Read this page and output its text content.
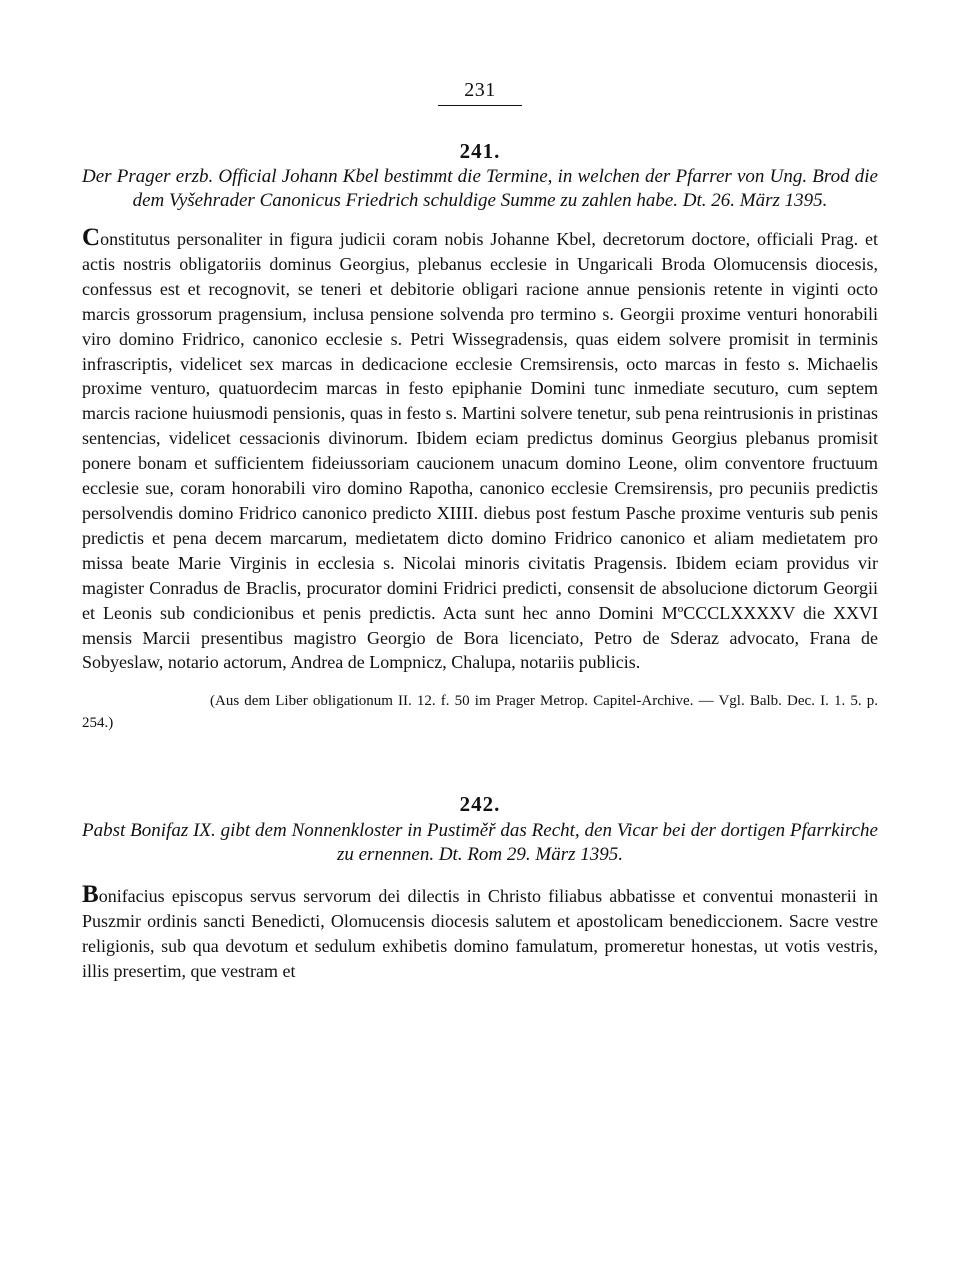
231
241.
Der Prager erzb. Official Johann Kbel bestimmt die Termine, in welchen der Pfarrer von Ung. Brod die dem Vyšehrader Canonicus Friedrich schuldige Summe zu zahlen habe. Dt. 26. März 1395.

Constitutus personaliter in figura judicii coram nobis Johanne Kbel, decretorum doctore, officiali Prag. et actis nostris obligatoriis dominus Georgius, plebanus ecclesie in Ungaricali Broda Olomucensis diocesis, confessus est et recognovit, se teneri et debitorie obligari racione annue pensionis retente in viginti octo marcis grossorum pragensium, inclusa pensione solvenda pro termino s. Georgii proxime venturi honorabili viro domino Fridrico, canonico ecclesie s. Petri Wissegradensis, quas eidem solvere promisit in terminis infrascriptis, videlicet sex marcas in dedicacione ecclesie Cremsirensis, octo marcas in festo s. Michaelis proxime venturo, quatuordecim marcas in festo epiphanie Domini tunc inmediate secuturo, cum septem marcis racione huiusmodi pensionis, quas in festo s. Martini solvere tenetur, sub pena reintrusionis in pristinas sentencias, videlicet cessacionis divinorum. Ibidem eciam predictus dominus Georgius plebanus promisit ponere bonam et sufficientem fideiussoriam caucionem unacum domino Leone, olim conventore fructuum ecclesie sue, coram honorabili viro domino Rapotha, canonico ecclesie Cremsirensis, pro pecuniis predictis persolvendis domino Fridrico canonico predicto XIIII. diebus post festum Pasche proxime venturis sub penis predictis et pena decem marcarum, medietatem dicto domino Fridrico canonico et aliam medietatem pro missa beate Marie Virginis in ecclesia s. Nicolai minoris civitatis Pragensis. Ibidem eciam providus vir magister Conradus de Braclis, procurator domini Fridrici predicti, consensit de absolucione dictorum Georgii et Leonis sub condicionibus et penis predictis. Acta sunt hec anno Domini MºCCCLXXXXV die XXVI mensis Marcii presentibus magistro Georgio de Bora licenciato, Petro de Sderaz advocato, Frana de Sobyeslaw, notario actorum, Andrea de Lompnicz, Chalupa, notariis publicis.

(Aus dem Liber obligationum II. 12. f. 50 im Prager Metrop. Capitel-Archive. — Vgl. Balb. Dec. I. 1. 5. p. 254.)

242.
Pabst Bonifaz IX. gibt dem Nonnenkloster in Pustiměř das Recht, den Vicar bei der dortigen Pfarrkirche zu ernennen. Dt. Rom 29. März 1395.

Bonifacius episcopus servus servorum dei dilectis in Christo filiabus abbatisse et conventui monasterii in Puszmir ordinis sancti Benedicti, Olomucensis diocesis salutem et apostolicam benediccionem. Sacre vestre religionis, sub qua devotum et sedulum exhibetis domino famulatum, promeretur honestas, ut votis vestris, illis presertim, que vestram et
